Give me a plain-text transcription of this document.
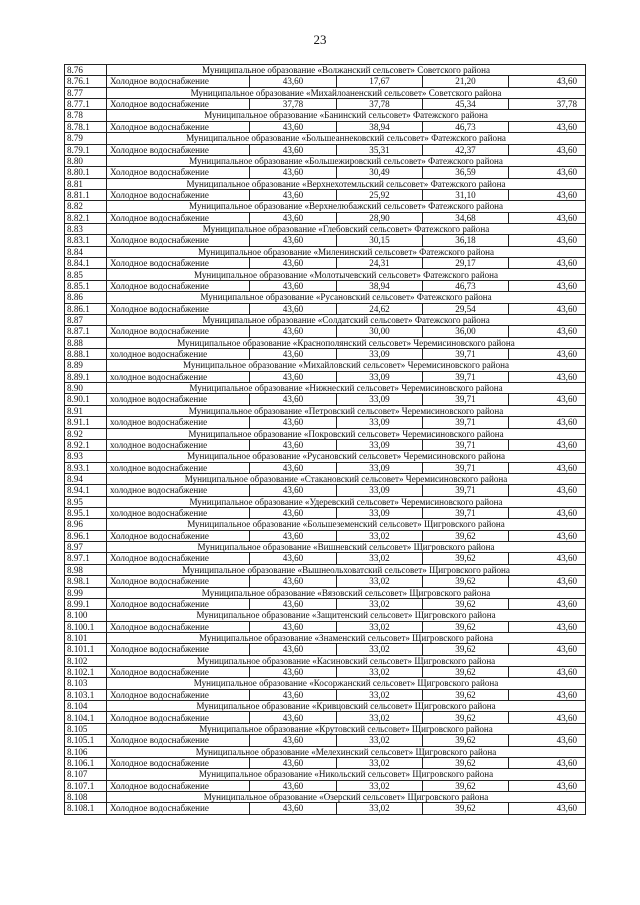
23
8.76	Муниципальное образование «Волжанский сельсовет» Советского района				
8.76.1	Холодное водоснабжение	43,60	17,67	21,20	43,60
8.77	Муниципальное образование «Михайлоаненский сельсовет» Советского района				
8.77.1	Холодное водоснабжение	37,78	37,78	45,34	37,78
8.78	Муниципальное образование «Банинский сельсовет» Фатежского района				
8.78.1	Холодное водоснабжение	43,60	38,94	46,73	43,60
8.79	Муниципальное образование «Большеаннековский сельсовет» Фатежского района				
8.79.1	Холодное водоснабжение	43,60	35,31	42,37	43,60
8.80	Муниципальное образование «Большежировский сельсовет» Фатежского района				
8.80.1	Холодное водоснабжение	43,60	30,49	36,59	43,60
8.81	Муниципальное образование «Верхнехотемльский сельсовет» Фатежского района				
8.81.1	Холодное водоснабжение	43,60	25,92	31,10	43,60
8.82	Муниципальное образование «Верхнелюбажский сельсовет» Фатежского района				
8.82.1	Холодное водоснабжение	43,60	28,90	34,68	43,60
8.83	Муниципальное образование «Глебовский сельсовет» Фатежского района				
8.83.1	Холодное водоснабжение	43,60	30,15	36,18	43,60
8.84	Муниципальное образование «Миленинский сельсовет» Фатежского района				
8.84.1	Холодное водоснабжение	43,60	24,31	29,17	43,60
8.85	Муниципальное образование «Молотычевский сельсовет» Фатежского района				
8.85.1	Холодное водоснабжение	43,60	38,94	46,73	43,60
8.86	Муниципальное образование «Русановский сельсовет» Фатежского района				
8.86.1	Холодное водоснабжение	43,60	24,62	29,54	43,60
8.87	Муниципальное образование «Солдатский сельсовет» Фатежского района				
8.87.1	Холодное водоснабжение	43,60	30,00	36,00	43,60
8.88	Муниципальное образование «Краснополянский сельсовет» Черемисиновского района				
8.88.1	холодное водоснабжение	43,60	33,09	39,71	43,60
8.89	Муниципальное образование «Михайловский сельсовет» Черемисиновского района				
8.89.1	холодное водоснабжение	43,60	33,09	39,71	43,60
8.90	Муниципальное образование «Нижнеский сельсовет» Черемисиновского района				
8.90.1	холодное водоснабжение	43,60	33,09	39,71	43,60
8.91	Муниципальное образование «Петровский сельсовет» Черемисиновского района				
8.91.1	холодное водоснабжение	43,60	33,09	39,71	43,60
8.92	Муниципальное образование «Покровский сельсовет» Черемисиновского района				
8.92.1	холодное водоснабжение	43,60	33,09	39,71	43,60
8.93	Муниципальное образование «Русановский сельсовет» Черемисиновского района				
8.93.1	холодное водоснабжение	43,60	33,09	39,71	43,60
8.94	Муниципальное образование «Стакановский сельсовет» Черемисиновского района				
8.94.1	холодное водоснабжение	43,60	33,09	39,71	43,60
8.95	Муниципальное образование «Удеревский сельсовет» Черемисиновского района				
8.95.1	холодное водоснабжение	43,60	33,09	39,71	43,60
8.96	Муниципальное образование «Большеземенский сельсовет» Щигровского района				
8.96.1	Холодное водоснабжение	43,60	33,02	39,62	43,60
8.97	Муниципальное образование «Вишневский сельсовет» Щигровского района				
8.97.1	Холодное водоснабжение	43,60	33,02	39,62	43,60
8.98	Муниципальное образование «Вышнеольховатский сельсовет» Щигровского района				
8.98.1	Холодное водоснабжение	43,60	33,02	39,62	43,60
8.99	Муниципальное образование «Вязовский сельсовет» Щигровского района				
8.99.1	Холодное водоснабжение	43,60	33,02	39,62	43,60
8.100	Муниципальное образование «Защитенский сельсовет» Щигровского района				
8.100.1	Холодное водоснабжение	43,60	33,02	39,62	43,60
8.101	Муниципальное образование «Знаменский сельсовет» Щигровского района				
8.101.1	Холодное водоснабжение	43,60	33,02	39,62	43,60
8.102	Муниципальное образование «Касиновский сельсовет» Щигровского района				
8.102.1	Холодное водоснабжение	43,60	33,02	39,62	43,60
8.103	Муниципальное образование «Косоржанский сельсовет» Щигровского района				
8.103.1	Холодное водоснабжение	43,60	33,02	39,62	43,60
8.104	Муниципальное образование «Кривцовский сельсовет» Щигровского района				
8.104.1	Холодное водоснабжение	43,60	33,02	39,62	43,60
8.105	Муниципальное образование «Крутовский сельсовет» Щигровского района				
8.105.1	Холодное водоснабжение	43,60	33,02	39,62	43,60
8.106	Муниципальное образование «Мелехинский сельсовет» Щигровского района				
8.106.1	Холодное водоснабжение	43,60	33,02	39,62	43,60
8.107	Муниципальное образование «Никольский сельсовет» Щигровского района				
8.107.1	Холодное водоснабжение	43,60	33,02	39,62	43,60
8.108	Муниципальное образование «Озерский сельсовет» Щигровского района				
8.108.1	Холодное водоснабжение	43,60	33,02	39,62	43,60
